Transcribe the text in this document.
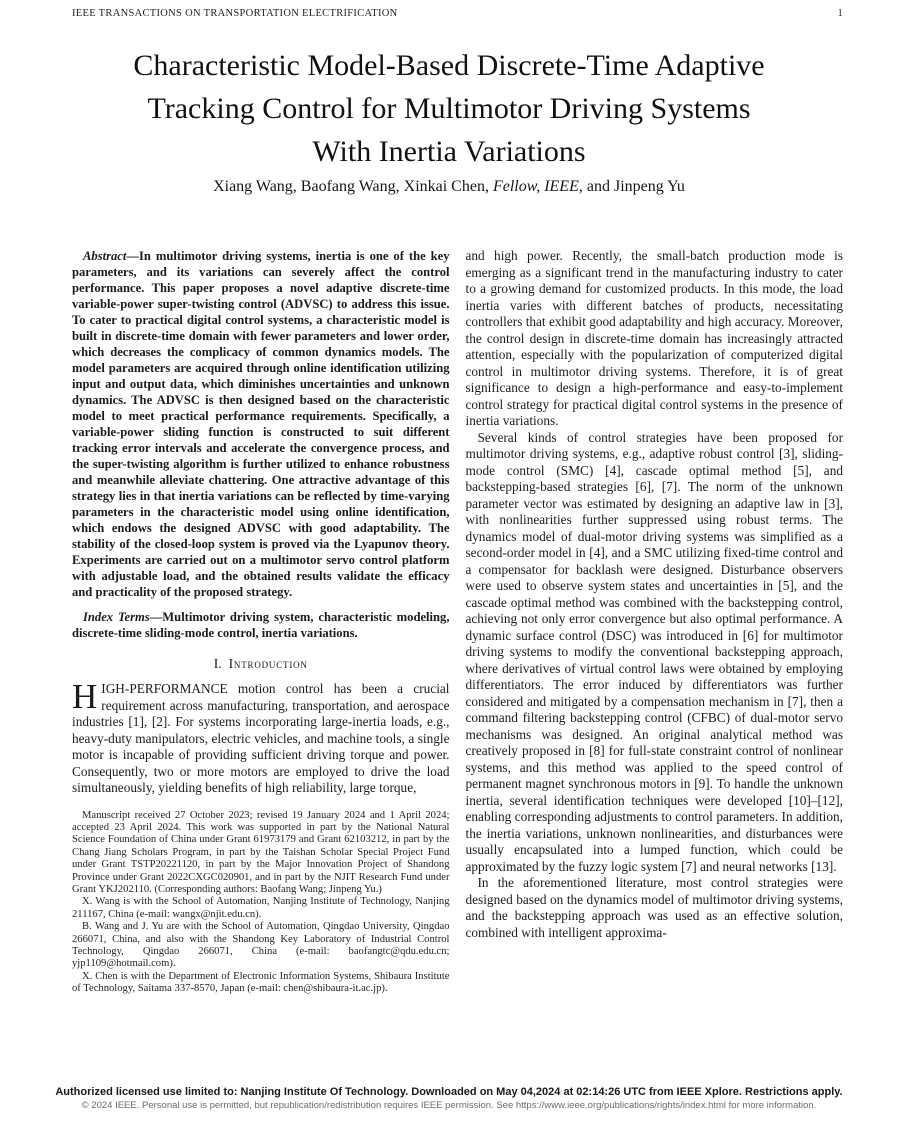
IEEE TRANSACTIONS ON TRANSPORTATION ELECTRIFICATION	1
Characteristic Model-Based Discrete-Time Adaptive
Tracking Control for Multimotor Driving Systems
With Inertia Variations
Xiang Wang, Baofang Wang, Xinkai Chen, Fellow, IEEE, and Jinpeng Yu

Abstract—In multimotor driving systems, inertia is one of the key parameters, and its variations can severely affect the control performance. This paper proposes a novel adaptive discrete-time variable-power super-twisting control (ADVSC) to address this issue. To cater to practical digital control systems, a characteristic model is built in discrete-time domain with fewer parameters and lower order, which decreases the complicacy of common dynamics models. The model parameters are acquired through online identification utilizing input and output data, which diminishes uncertainties and unknown dynamics. The ADVSC is then designed based on the characteristic model to meet practical performance requirements. Specifically, a variable-power sliding function is constructed to suit different tracking error intervals and accelerate the convergence process, and the super-twisting algorithm is further utilized to enhance robustness and meanwhile alleviate chattering. One attractive advantage of this strategy lies in that inertia variations can be reflected by time-varying parameters in the characteristic model using online identification, which endows the designed ADVSC with good adaptability. The stability of the closed-loop system is proved via the Lyapunov theory. Experiments are carried out on a multimotor servo control platform with adjustable load, and the obtained results validate the efficacy and practicality of the proposed strategy.

Index Terms—Multimotor driving system, characteristic modeling, discrete-time sliding-mode control, inertia variations.

I. Introduction

HIGH-PERFORMANCE motion control has been a crucial requirement across manufacturing, transportation, and aerospace industries [1], [2]. For systems incorporating large-inertia loads, e.g., heavy-duty manipulators, electric vehicles, and machine tools, a single motor is incapable of providing sufficient driving torque and power. Consequently, two or more motors are employed to drive the load simultaneously, yielding benefits of high reliability, large torque,

Manuscript received 27 October 2023; revised 19 January 2024 and 1 April 2024; accepted 23 April 2024. This work was supported in part by the National Natural Science Foundation of China under Grant 61973179 and Grant 62103212, in part by the Chang Jiang Scholars Program, in part by the Taishan Scholar Special Project Fund under Grant TSTP20221120, in part by the Major Innovation Project of Shandong Province under Grant 2022CXGC020901, and in part by the NJIT Research Fund under Grant YKJ202110. (Corresponding authors: Baofang Wang; Jinpeng Yu.)

X. Wang is with the School of Automation, Nanjing Institute of Technology, Nanjing 211167, China (e-mail: wangx@njit.edu.cn).

B. Wang and J. Yu are with the School of Automation, Qingdao University, Qingdao 266071, China, and also with the Shandong Key Laboratory of Industrial Control Technology, Qingdao 266071, China (e-mail: baofangtc@qdu.edu.cn; yjp1109@hotmail.com).

X. Chen is with the Department of Electronic Information Systems, Shibaura Institute of Technology, Saitama 337-8570, Japan (e-mail: chen@shibaura-it.ac.jp).

and high power. Recently, the small-batch production mode is emerging as a significant trend in the manufacturing industry to cater to a growing demand for customized products. In this mode, the load inertia varies with different batches of products, necessitating controllers that exhibit good adaptability and high accuracy. Moreover, the control design in discrete-time domain has increasingly attracted attention, especially with the popularization of computerized digital control in multimotor driving systems. Therefore, it is of great significance to design a high-performance and easy-to-implement control strategy for practical digital control systems in the presence of inertia variations.

Several kinds of control strategies have been proposed for multimotor driving systems, e.g., adaptive robust control [3], sliding-mode control (SMC) [4], cascade optimal method [5], and backstepping-based strategies [6], [7]. The norm of the unknown parameter vector was estimated by designing an adaptive law in [3], with nonlinearities further suppressed using robust terms. The dynamics model of dual-motor driving systems was simplified as a second-order model in [4], and a SMC utilizing fixed-time control and a compensator for backlash were designed. Disturbance observers were used to observe system states and uncertainties in [5], and the cascade optimal method was combined with the backstepping control, achieving not only error convergence but also optimal performance. A dynamic surface control (DSC) was introduced in [6] for multimotor driving systems to modify the conventional backstepping approach, where derivatives of virtual control laws were obtained by employing differentiators. The error induced by differentiators was further considered and mitigated by a compensation mechanism in [7], then a command filtering backstepping control (CFBC) of dual-motor servo mechanisms was designed. An original analytical method was creatively proposed in [8] for full-state constraint control of nonlinear systems, and this method was applied to the speed control of permanent magnet synchronous motors in [9]. To handle the unknown inertia, several identification techniques were developed [10]–[12], enabling corresponding adjustments to control parameters. In addition, the inertia variations, unknown nonlinearities, and disturbances were usually encapsulated into a lumped function, which could be approximated by the fuzzy logic system [7] and neural networks [13].

In the aforementioned literature, most control strategies were designed based on the dynamics model of multimotor driving systems, and the backstepping approach was used as an effective solution, combined with intelligent approxima-

Authorized licensed use limited to: Nanjing Institute Of Technology. Downloaded on May 04,2024 at 02:14:26 UTC from IEEE Xplore. Restrictions apply.
© 2024 IEEE. Personal use is permitted, but republication/redistribution requires IEEE permission. See https://www.ieee.org/publications/rights/index.html for more information.
